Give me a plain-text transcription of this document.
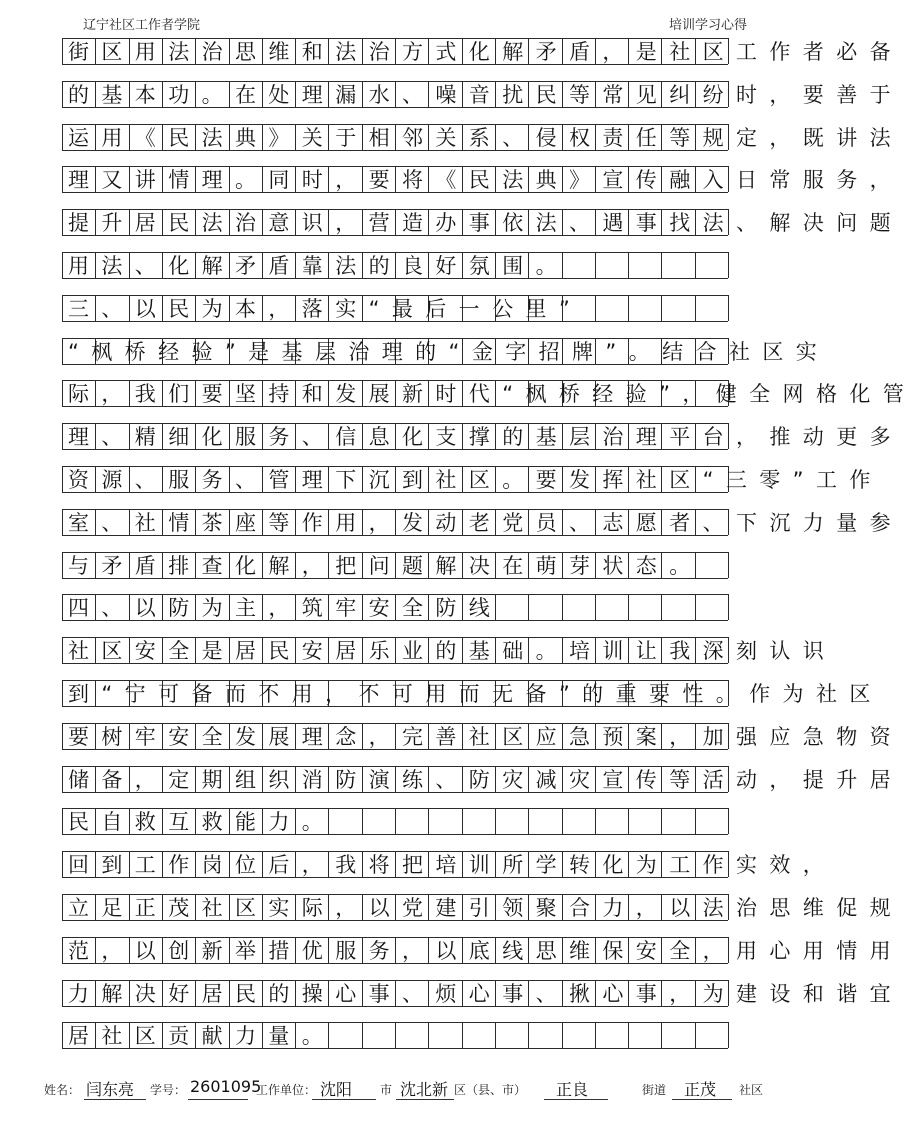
辽宁社区工作者学院	培训学习心得
街区用法治思维和法治方式化解矛盾，是社区工作者必备
的基本功。在处理漏水、噪音扰民等常见纠纷时，要善于
运用《民法典》关于相邻关系、侵权责任等规定，既讲法
理又讲情理。同时，要将《民法典》宣传融入日常服务，
提升居民法治意识，营造办事依法、遇事找法、解决问题
用法、化解矛盾靠法的良好氛围。
三、以民为本，落实“最后一公里”
“枫桥经验”是基层治理的“金字招牌”。结合社区实
际，我们要坚持和发展新时代“枫桥经验”，健全网格化管
理、精细化服务、信息化支撑的基层治理平台，推动更多
资源、服务、管理下沉到社区。要发挥社区“三零”工作
室、社情茶座等作用，发动老党员、志愿者、下沉力量参
与矛盾排查化解，把问题解决在萌芽状态。
四、以防为主，筑牢安全防线
社区安全是居民安居乐业的基础。培训让我深刻认识
到“宁可备而不用，不可用而无备”的重要性。作为社区
要树牢安全发展理念，完善社区应急预案，加强应急物资
储备，定期组织消防演练、防灾减灾宣传等活动，提升居
民自救互救能力。
回到工作岗位后，我将把培训所学转化为工作实效，
立足正茂社区实际，以党建引领聚合力，以法治思维促规
范，以创新举措优服务，以底线思维保安全，用心用情用
力解决好居民的操心事、烦心事、揪心事，为建设和谐宜
居社区贡献力量。
姓名： 闫东亮 学号： 2601095
工作单位： 沈阳 市 沈北新 区（县、市） 正良	街道 正茂 社区
